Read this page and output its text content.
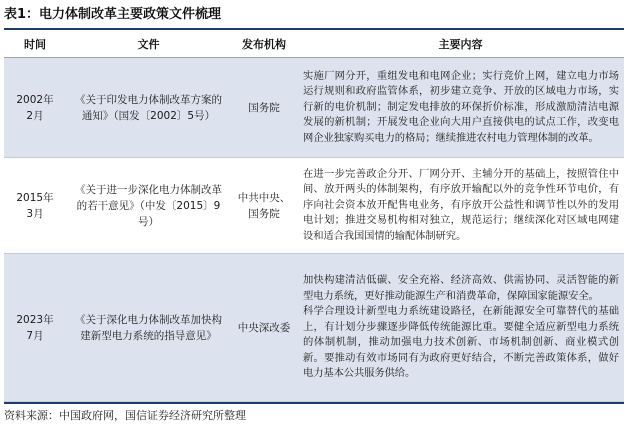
表1：电力体制改革主要政策文件梳理
时间	文件	发布机构	主要内容
2002年
2月	《关于印发电力体制改革方案的通知》（国发〔2002〕5号）	国务院	实施厂网分开，重组发电和电网企业；实行竞价上网，建立电力市场运行规则和政府监管体系，初步建立竞争、开放的区域电力市场，实行新的电价机制；制定发电排放的环保折价标准，形成激励清洁电源发展的新机制；开展发电企业向大用户直接供电的试点工作，改变电网企业独家购买电力的格局；继续推进农村电力管理体制的改革。
2015年
3月	《关于进一步深化电力体制改革的若干意见》（中发〔2015〕9号）	中共中央、国务院	在进一步完善政企分开、厂网分开、主辅分开的基础上，按照管住中间、放开两头的体制架构，有序放开输配以外的竞争性环节电价，有序向社会资本放开配售电业务，有序放开公益性和调节性以外的发用电计划；推进交易机构相对独立，规范运行；继续深化对区域电网建设和适合我国国情的输配体制研究。
2023年
7月	《关于深化电力体制改革加快构建新型电力系统的指导意见》	中央深改委	加快构建清洁低碳、安全充裕、经济高效、供需协同、灵活智能的新型电力系统，更好推动能源生产和消费革命，保障国家能源安全。
科学合理设计新型电力系统建设路径，在新能源安全可靠替代的基础上，有计划分步骤逐步降低传统能源比重。要健全适应新型电力系统的体制机制，推动加强电力技术创新、市场机制创新、商业模式创新。要推动有效市场同有为政府更好结合，不断完善政策体系，做好电力基本公共服务供给。
资料来源：中国政府网，国信证券经济研究所整理
